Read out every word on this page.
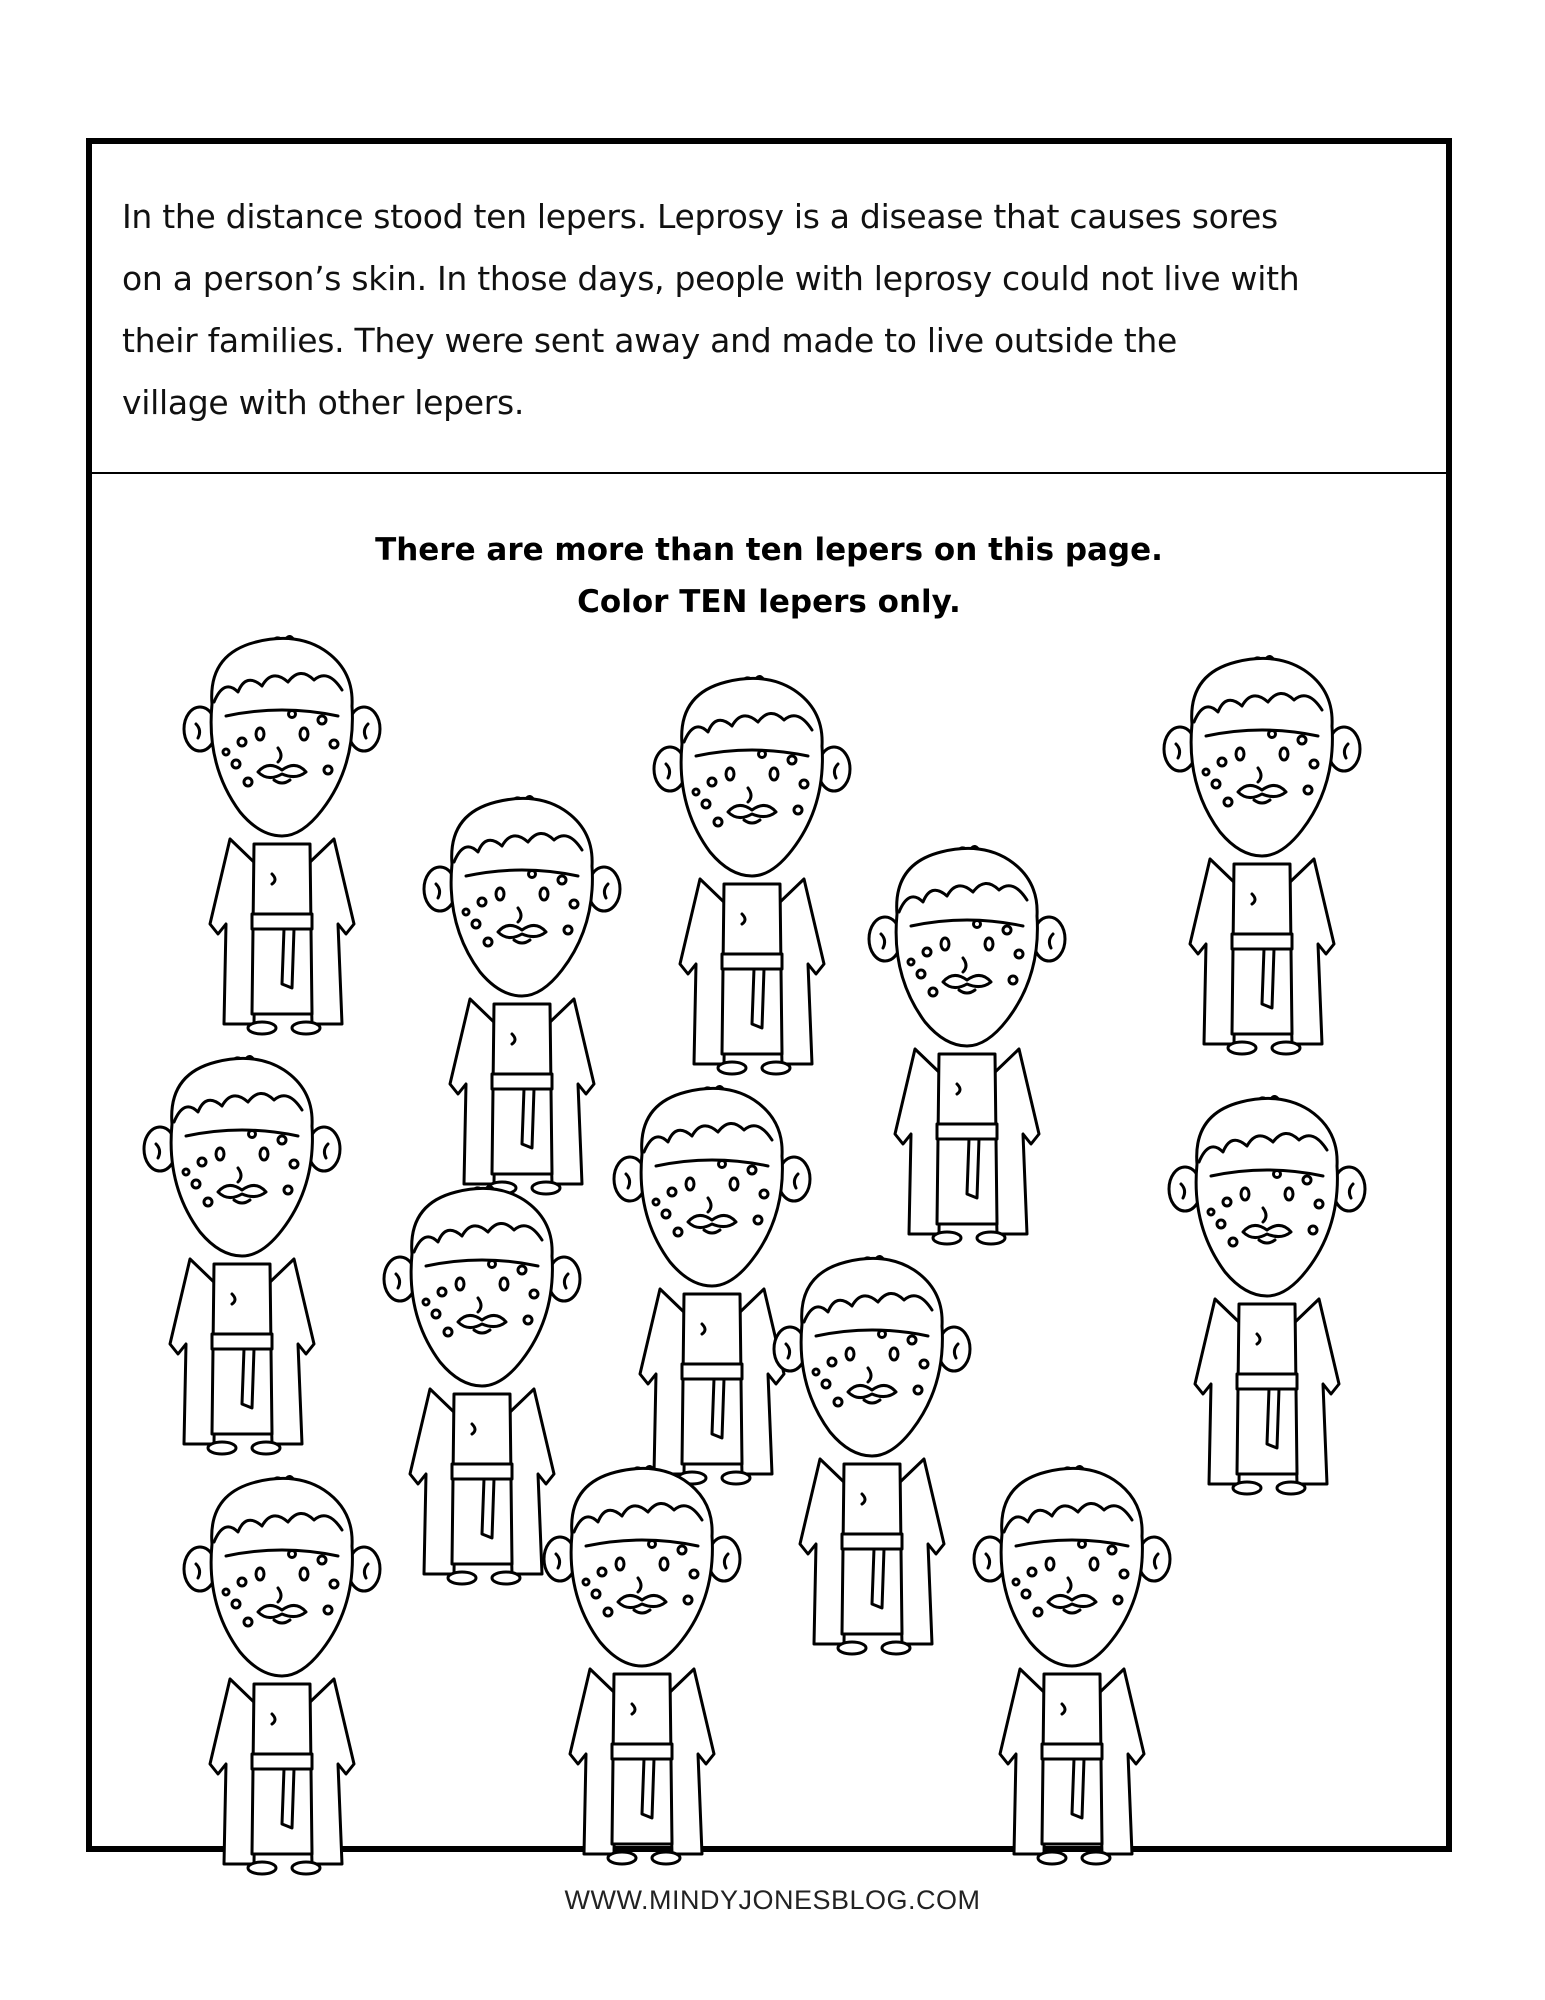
In the distance stood ten lepers. Leprosy is a disease that causes sores
on a person’s skin. In those days, people with leprosy could not live with
their families. They were sent away and made to live outside the
village with other lepers.

There are more than ten lepers on this page.
Color TEN lepers only.
WWW.MINDYJONESBLOG.COM
